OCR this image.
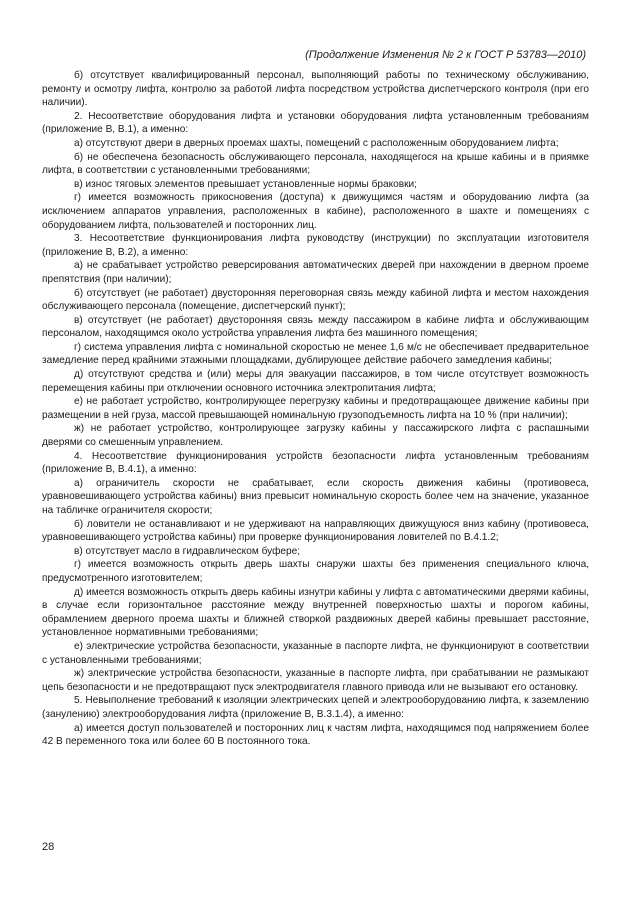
(Продолжение Изменения № 2 к ГОСТ Р 53783—2010)

б) отсутствует квалифицированный персонал, выполняющий работы по техническому обслуживанию, ремонту и осмотру лифта, контролю за работой лифта посредством устройства диспетчерского контроля (при его наличии).

2. Несоответствие оборудования лифта и установки оборудования лифта установленным требованиям (приложение В, В.1), а именно:

а) отсутствуют двери в дверных проемах шахты, помещений с расположенным оборудованием лифта;

б) не обеспечена безопасность обслуживающего персонала, находящегося на крыше кабины и в приямке лифта, в соответствии с установленными требованиями;

в) износ тяговых элементов превышает установленные нормы браковки;

г) имеется возможность прикосновения (доступа) к движущимся частям и оборудованию лифта (за исключением аппаратов управления, расположенных в кабине), расположенного в шахте и помещениях с оборудованием лифта, пользователей и посторонних лиц.

3. Несоответствие функционирования лифта руководству (инструкции) по эксплуатации изготовителя (приложение В, В.2), а именно:

а) не срабатывает устройство реверсирования автоматических дверей при нахождении в дверном проеме препятствия (при наличии);

б) отсутствует (не работает) двусторонняя переговорная связь между кабиной лифта и местом нахождения обслуживающего персонала (помещение, диспетчерский пункт);

в) отсутствует (не работает) двусторонняя связь между пассажиром в кабине лифта и обслуживающим персоналом, находящимся около устройства управления лифта без машинного помещения;

г) система управления лифта с номинальной скоростью не менее 1,6 м/с не обеспечивает предварительное замедление перед крайними этажными площадками, дублирующее действие рабочего замедления кабины;

д) отсутствуют средства и (или) меры для эвакуации пассажиров, в том числе отсутствует возможность перемещения кабины при отключении основного источника электропитания лифта;

е) не работает устройство, контролирующее перегрузку кабины и предотвращающее движение кабины при размещении в ней груза, массой превышающей номинальную грузоподъемность лифта на 10 % (при наличии);

ж) не работает устройство, контролирующее загрузку кабины у пассажирского лифта с распашными дверями со смешенным управлением.

4. Несоответствие функционирования устройств безопасности лифта установленным требованиям (приложение В, В.4.1), а именно:

а) ограничитель скорости не срабатывает, если скорость движения кабины (противовеса, уравновешивающего устройства кабины) вниз превысит номинальную скорость более чем на значение, указанное на табличке ограничителя скорости;

б) ловители не останавливают и не удерживают на направляющих движущуюся вниз кабину (противовеса, уравновешивающего устройства кабины) при проверке функционирования ловителей по В.4.1.2;

в) отсутствует масло в гидравлическом буфере;

г) имеется возможность открыть дверь шахты снаружи шахты без применения специального ключа, предусмотренного изготовителем;

д) имеется возможность открыть дверь кабины изнутри кабины у лифта с автоматическими дверями кабины, в случае если горизонтальное расстояние между внутренней поверхностью шахты и порогом кабины, обрамлением дверного проема шахты и ближней створкой раздвижных дверей кабины превышает расстояние, установленное нормативными требованиями;

е) электрические устройства безопасности, указанные в паспорте лифта, не функционируют в соответствии с установленными требованиями;

ж) электрические устройства безопасности, указанные в паспорте лифта, при срабатывании не размыкают цепь безопасности и не предотвращают пуск электродвигателя главного привода или не вызывают его остановку.

5. Невыполнение требований к изоляции электрических цепей и электрооборудованию лифта, к заземлению (занулению) электрооборудования лифта (приложение В, В.3.1.4), а именно:

а) имеется доступ пользователей и посторонних лиц к частям лифта, находящимся под напряжением более 42 В переменного тока или более 60 В постоянного тока.

28
